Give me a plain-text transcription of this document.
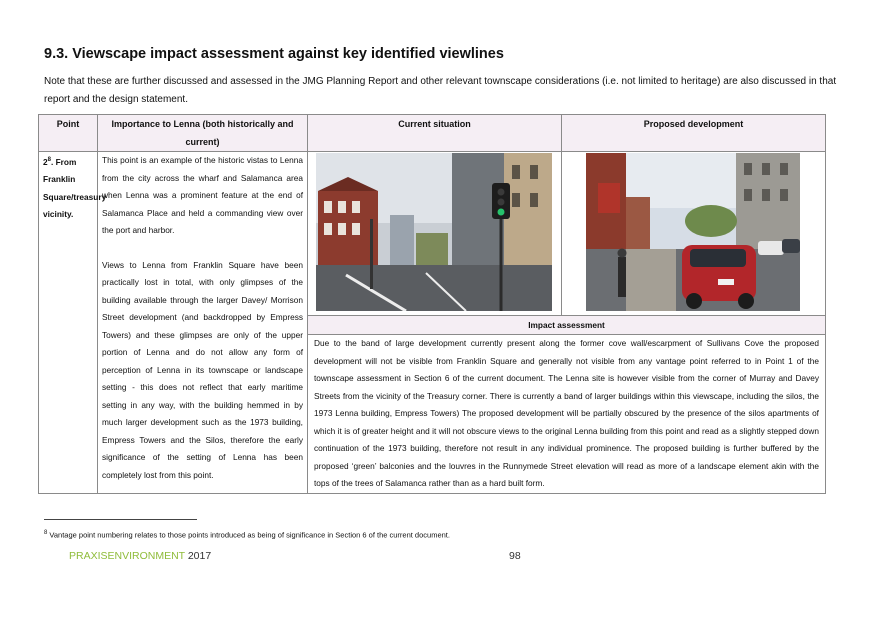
9.3. Viewscape impact assessment against key identified viewlines
Note that these are further discussed and assessed in the JMG Planning Report and other relevant townscape considerations (i.e. not limited to heritage) are also discussed in that report and the design statement.
Point	Importance to Lenna (both historically and current)	Current situation	Proposed development
$2^8$. From Franklin Square/treasury vicinity.	This point is an example of the historic vistas to Lenna from the city across the wharf and Salamanca area when Lenna was a prominent feature at the end of Salamanca Place and held a commanding view over the port and harbor.

Views to Lenna from Franklin Square have been practically lost in total, with only glimpses of the building available through the larger Davey/ Morrison Street development (and backdropped by Empress Towers) and these glimpses are only of the upper portion of Lenna and do not allow any form of perception of Lenna in its townscape or landscape setting - this does not reflect that early maritime setting in any way, with the building hemmed in by much larger development such as the 1973 building, Empress Towers and the Silos, therefore the early significance of the setting of Lenna has been completely lost from this point.

		Impact assessment	
		Due to the band of large development currently present along the former cove wall/escarpment of Sullivans Cove the proposed development will not be visible from Franklin Square and generally not visible from any vantage point referred to in Point 1 of the townscape assessment in Section 6 of the current document. The Lenna site is however visible from the corner of Murray and Davey Streets from the vicinity of the Treasury corner. There is currently a band of larger buildings within this viewscape, including the silos, the 1973 Lenna building, Empress Towers) The proposed development will be partially obscured by the presence of the silos apartments of which it is of greater height and it will not obscure views to the original Lenna building from this point and read as a slightly stepped down continuation of the 1973 building, therefore not result in any individual prominence. The proposed building is further buffered by the proposed ‘green’ balconies and the louvres in the Runnymede Street elevation will read as more of a landscape element akin with the tops of the trees of Salamanca rather than as a hard built form.	
$^8$ Vantage point numbering relates to those points introduced as being of significance in Section 6 of the current document.
PRAXISENVIRONMENT 2017	98
